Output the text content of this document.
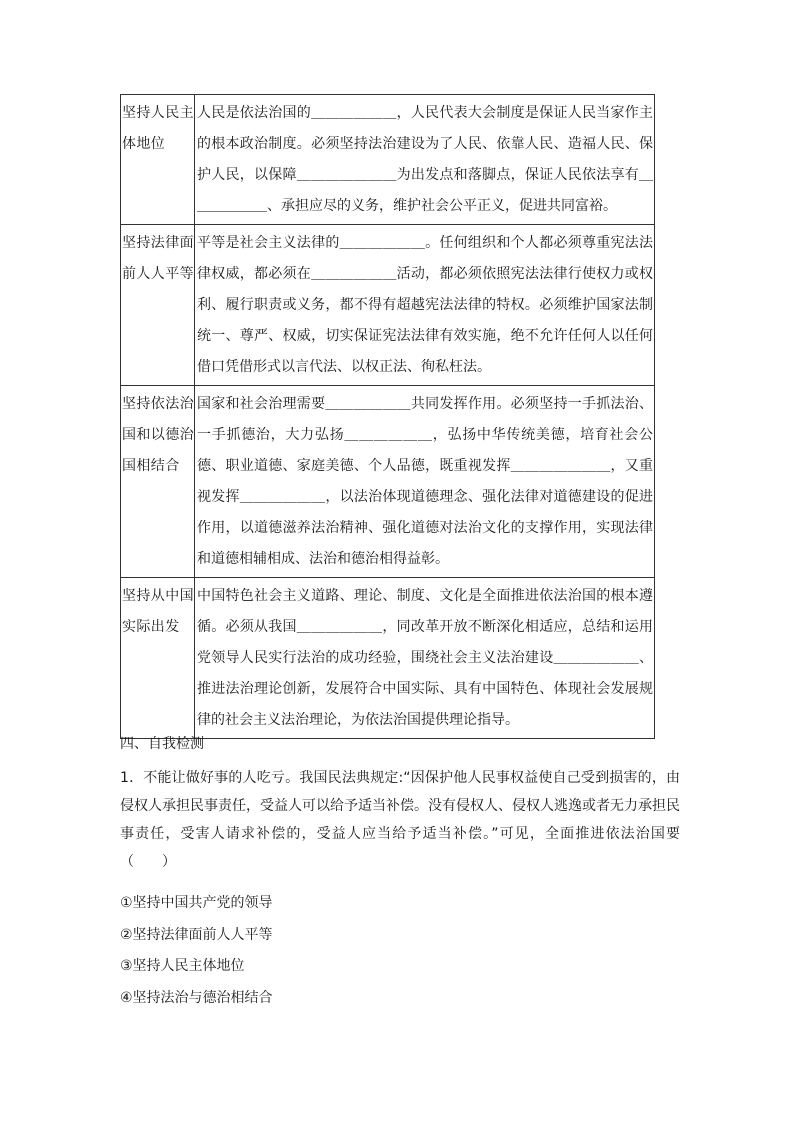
坚持人民主体地位	人民是依法治国的＿＿＿＿＿＿，人民代表大会制度是保证人民当家作主的根本政治制度。必须坚持法治建设为了人民、依靠人民、造福人民、保护人民，以保障＿＿＿＿＿＿＿为出发点和落脚点，保证人民依法享有＿＿＿＿＿＿、承担应尽的义务，维护社会公平正义，促进共同富裕。
坚持法律面前人人平等	平等是社会主义法律的＿＿＿＿＿＿。任何组织和个人都必须尊重宪法法律权威，都必须在＿＿＿＿＿＿活动，都必须依照宪法法律行使权力或权利、履行职责或义务，都不得有超越宪法法律的特权。必须维护国家法制统一、尊严、权威，切实保证宪法法律有效实施，绝不允许任何人以任何借口凭借形式以言代法、以权正法、徇私枉法。
坚持依法治国和以德治国相结合	国家和社会治理需要＿＿＿＿＿＿共同发挥作用。必须坚持一手抓法治、一手抓德治，大力弘扬＿＿＿＿＿＿，弘扬中华传统美德，培育社会公德、职业道德、家庭美德、个人品德，既重视发挥＿＿＿＿＿＿＿，又重视发挥＿＿＿＿＿＿，以法治体现道德理念、强化法律对道德建设的促进作用，以道德滋养法治精神、强化道德对法治文化的支撑作用，实现法律和道德相辅相成、法治和德治相得益彰。
坚持从中国实际出发	中国特色社会主义道路、理论、制度、文化是全面推进依法治国的根本遵循。必须从我国＿＿＿＿＿＿，同改革开放不断深化相适应，总结和运用党领导人民实行法治的成功经验，围绕社会主义法治建设＿＿＿＿＿＿、推进法治理论创新，发展符合中国实际、具有中国特色、体现社会发展规律的社会主义法治理论，为依法治国提供理论指导。
四、自我检测
1．不能让做好事的人吃亏。我国民法典规定:“因保护他人民事权益使自己受到损害的，由侵权人承担民事责任，受益人可以给予适当补偿。没有侵权人、侵权人逃逸或者无力承担民事责任，受害人请求补偿的，受益人应当给予适当补偿。”可见，全面推进依法治国要（　　）
①坚持中国共产党的领导
②坚持法律面前人人平等
③坚持人民主体地位
④坚持法治与德治相结合
